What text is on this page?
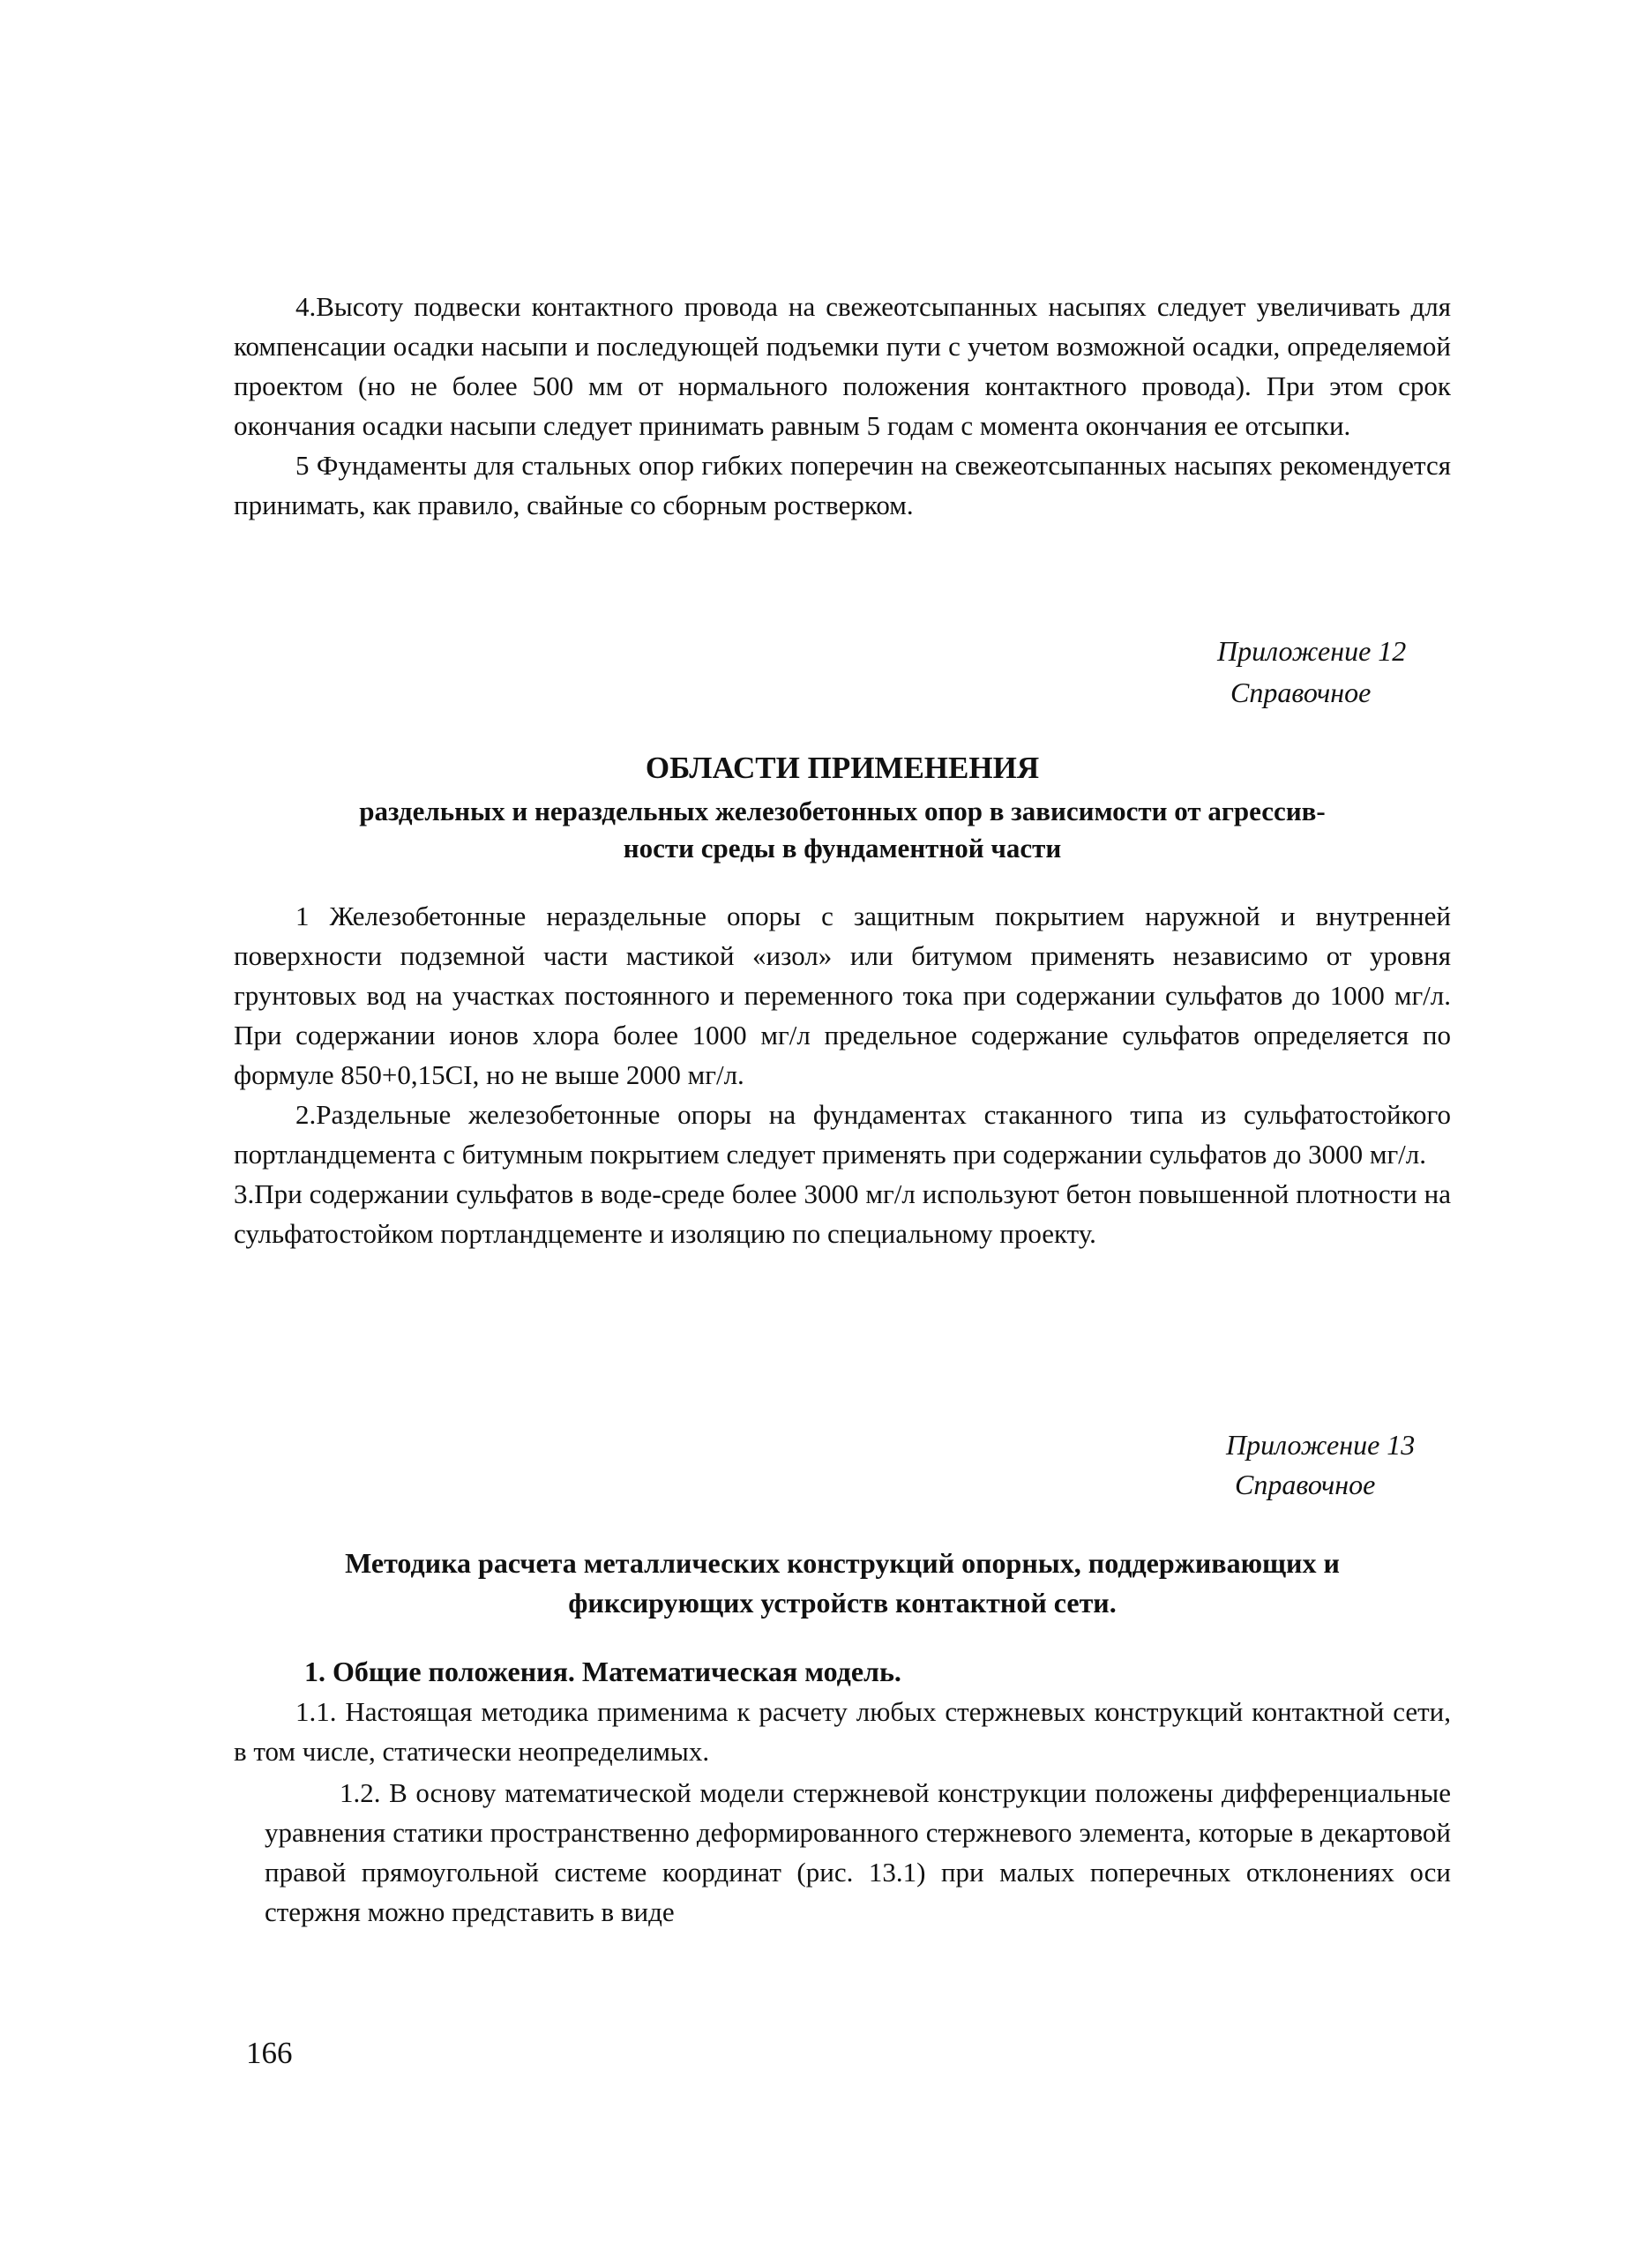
4.Высоту подвески контактного провода на свежеотсыпанных насыпях следует увеличивать для компенсации осадки насыпи и последующей подъемки пути с учетом возможной осадки, определяемой проектом (но не более 500 мм от нормального положения контактного провода). При этом срок окончания осадки насыпи следует принимать равным 5 годам с момента окончания ее отсыпки.

5 Фундаменты для стальных опор гибких поперечин на свежеотсыпанных насыпях рекомендуется принимать, как правило, свайные со сборным ростверком.

Приложение 12

Справочное

ОБЛАСТИ ПРИМЕНЕНИЯ

раздельных и нераздельных железобетонных опор в зависимости от агрессив-

ности среды в фундаментной части

1 Железобетонные нераздельные опоры с защитным покрытием наружной и внутренней поверхности подземной части мастикой «изол» или битумом применять независимо от уровня грунтовых вод на участках постоянного и переменного тока при содержании сульфатов до 1000 мг/л. При содержании ионов хлора более 1000 мг/л предельное содержание сульфатов определяется по формуле 850+0,15CI, но не выше 2000 мг/л.

2.Раздельные железобетонные опоры на фундаментах стаканного типа из сульфатостойкого портландцемента с битумным покрытием следует применять при содержании сульфатов до 3000 мг/л.

3.При содержании сульфатов в воде-среде более 3000 мг/л используют бетон повышенной плотности на сульфатостойком портландцементе и изоляцию по специальному проекту.

Приложение 13

Справочное

Методика расчета металлических конструкций опорных, поддерживающих и

фиксирующих устройств контактной сети.

1. Общие положения. Математическая модель.

1.1. Настоящая методика применима к расчету любых стержневых конструкций контактной сети, в том числе, статически неопределимых.

1.2. В основу математической модели стержневой конструкции положены дифференциальные уравнения статики пространственно деформированного стержневого элемента, которые в декартовой правой прямоугольной системе координат (рис. 13.1) при малых поперечных отклонениях оси стержня можно представить в виде

166
